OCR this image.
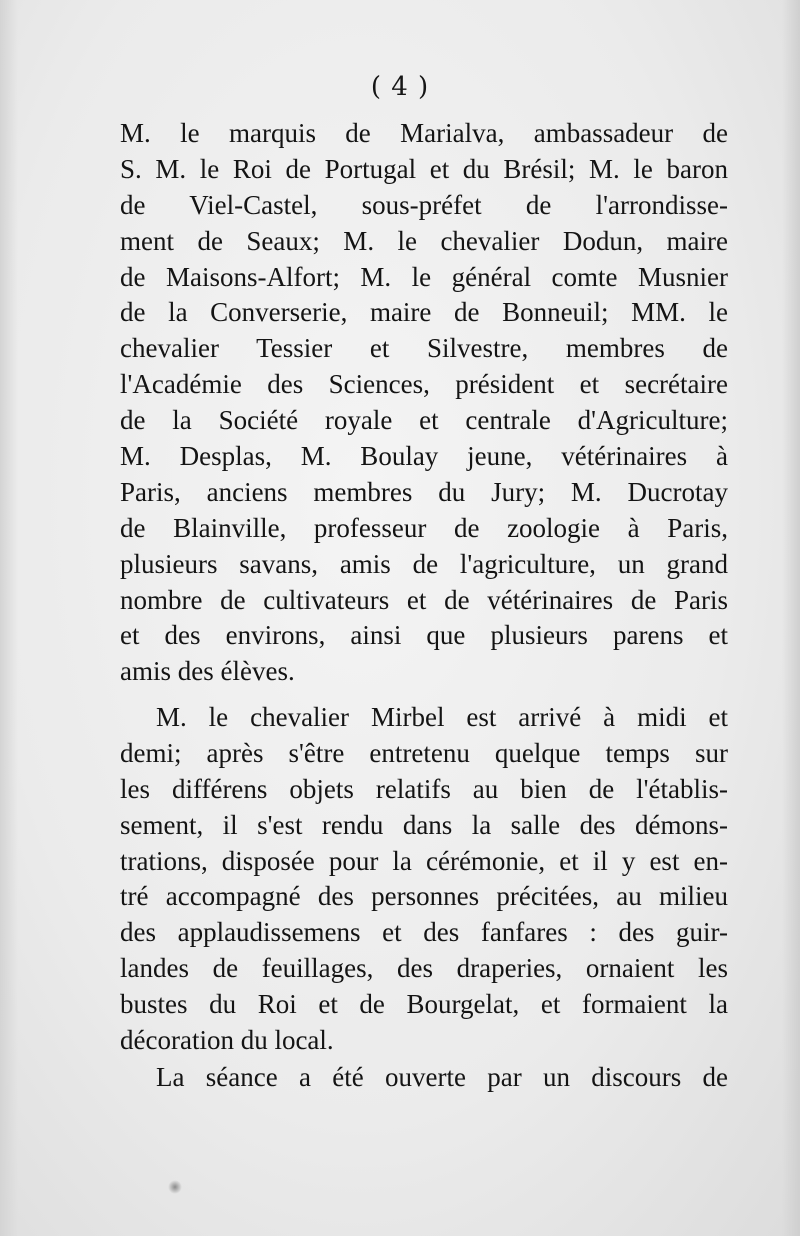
( 4 )
M. le marquis de Marialva, ambassadeur de
S. M. le Roi de Portugal et du Brésil; M. le baron
de Viel-Castel, sous-préfet de l'arrondisse-
ment de Seaux; M. le chevalier Dodun, maire
de Maisons-Alfort; M. le général comte Musnier
de la Converserie, maire de Bonneuil; MM. le
chevalier Tessier et Silvestre, membres de
l'Académie des Sciences, président et secrétaire
de la Société royale et centrale d'Agriculture;
M. Desplas, M. Boulay jeune, vétérinaires à
Paris, anciens membres du Jury; M. Ducrotay
de Blainville, professeur de zoologie à Paris,
plusieurs savans, amis de l'agriculture, un grand
nombre de cultivateurs et de vétérinaires de Paris
et des environs, ainsi que plusieurs parens et
amis des élèves.
M. le chevalier Mirbel est arrivé à midi et
demi; après s'être entretenu quelque temps sur
les différens objets relatifs au bien de l'établis-
sement, il s'est rendu dans la salle des démons-
trations, disposée pour la cérémonie, et il y est en-
tré accompagné des personnes précitées, au milieu
des applaudissemens et des fanfares : des guir-
landes de feuillages, des draperies, ornaient les
bustes du Roi et de Bourgelat, et formaient la
décoration du local.
La séance a été ouverte par un discours de
